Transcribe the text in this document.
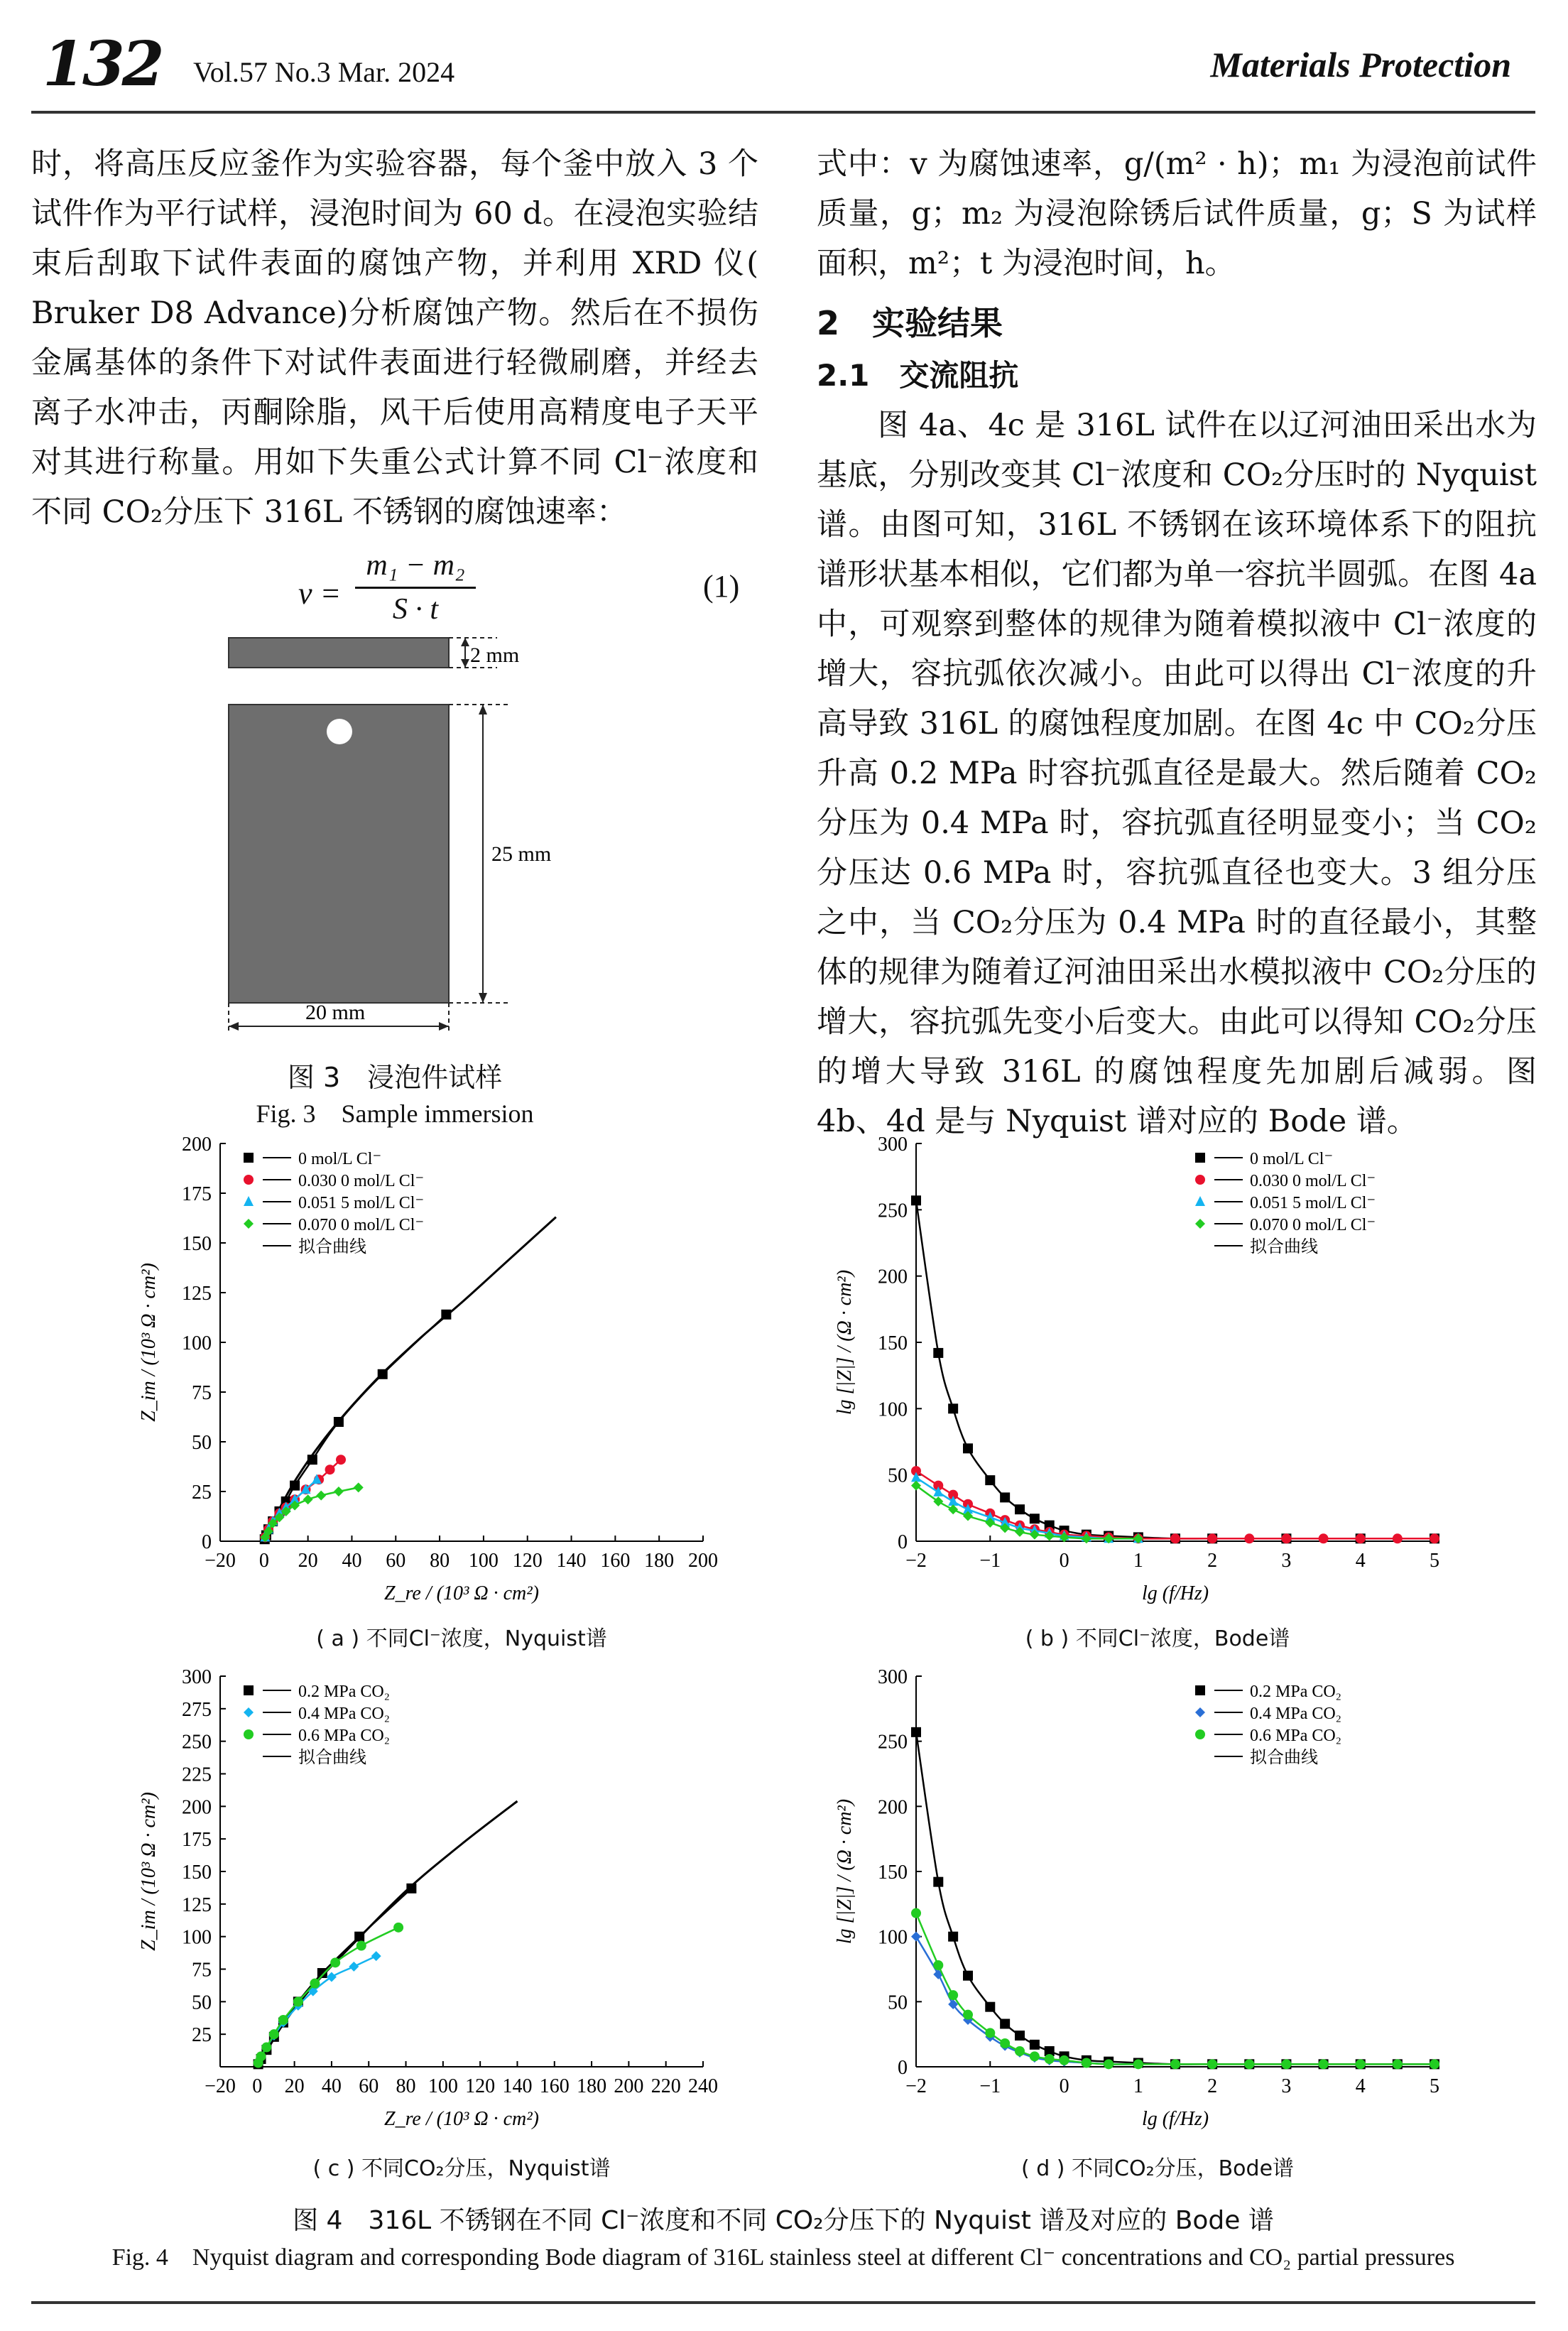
132 Vol.57 No.3 Mar. 2024	Materials Protection

时，将高压反应釜作为实验容器，每个釜中放入 3 个试件作为平行试样，浸泡时间为 60 d。在浸泡实验结束后刮取下试件表面的腐蚀产物，并利用 XRD 仪( Bruker D8 Advance)分析腐蚀产物。然后在不损伤金属基体的条件下对试件表面进行轻微刷磨，并经去离子水冲击，丙酮除脂，风干后使用高精度电子天平对其进行称量。用如下失重公式计算不同 Cl⁻浓度和不同 CO₂分压下 316L 不锈钢的腐蚀速率：

v =
m₁ − m₂
S · t
(1)
2 mm
25 mm
20 mm
图 3　浸泡件试样
Fig. 3　Sample immersion

式中：v 为腐蚀速率，g/(m² · h)；m₁ 为浸泡前试件质量，g；m₂ 为浸泡除锈后试件质量，g；S 为试样面积，m²；t 为浸泡时间，h。

2　实验结果

2.1　交流阻抗

图 4a、4c 是 316L 试件在以辽河油田采出水为基底，分别改变其 Cl⁻浓度和 CO₂分压时的 Nyquist 谱。由图可知，316L 不锈钢在该环境体系下的阻抗谱形状基本相似，它们都为单一容抗半圆弧。在图 4a 中，可观察到整体的规律为随着模拟液中 Cl⁻浓度的增大，容抗弧依次减小。由此可以得出 Cl⁻浓度的升高导致 316L 的腐蚀程度加剧。在图 4c 中 CO₂分压升高 0.2 MPa 时容抗弧直径是最大。然后随着 CO₂分压为 0.4 MPa 时，容抗弧直径明显变小；当 CO₂分压达 0.6 MPa 时，容抗弧直径也变大。3 组分压之中，当 CO₂分压为 0.4 MPa 时的直径最小，其整体的规律为随着辽河油田采出水模拟液中 CO₂分压的增大，容抗弧先变小后变大。由此可以得知 CO₂分压的增大导致 316L 的腐蚀程度先加剧后减弱。图 4b、4d 是与 Nyquist 谱对应的 Bode 谱。

−20 0 20 40 60 80 100 120 140 160 180 200
0
25
50
75
100
125
150
175
200
Z_re / (10³ Ω · cm²)
Z_im / (10³ Ω · cm²)
0 mol/L Cl⁻
0.030 0 mol/L Cl⁻
0.051 5 mol/L Cl⁻
0.070 0 mol/L Cl⁻
拟合曲线
−2	−1	0	1	2	3	4	5
0
50
100
150
200
250
300
lg (f/Hz)
lg [|Z|] / (Ω · cm²)
0 mol/L Cl⁻
0.030 0 mol/L Cl⁻
0.051 5 mol/L Cl⁻
0.070 0 mol/L Cl⁻
拟合曲线
−20 0 20 40 60 80 100 120 140 160 180 200 220 240
25
50
75
100
125
150
175
200
225
250
275
300
Z_re / (10³ Ω · cm²)
Z_im / (10³ Ω · cm²)
0.2 MPa CO₂
0.4 MPa CO₂
0.6 MPa CO₂
拟合曲线
−2	−1	0	1	2	3	4	5
0
50
100
150
200
250
300
lg (f/Hz)
lg [|Z|] / (Ω · cm²)
0.2 MPa CO₂
0.4 MPa CO₂
0.6 MPa CO₂
拟合曲线
( a ) 不同Cl⁻浓度，Nyquist谱	( b ) 不同Cl⁻浓度，Bode谱
( c ) 不同CO₂分压，Nyquist谱	( d ) 不同CO₂分压，Bode谱
图 4　316L 不锈钢在不同 Cl⁻浓度和不同 CO₂分压下的 Nyquist 谱及对应的 Bode 谱
Fig. 4　Nyquist diagram and corresponding Bode diagram of 316L stainless steel at different Cl⁻ concentrations and CO₂ partial pressures
